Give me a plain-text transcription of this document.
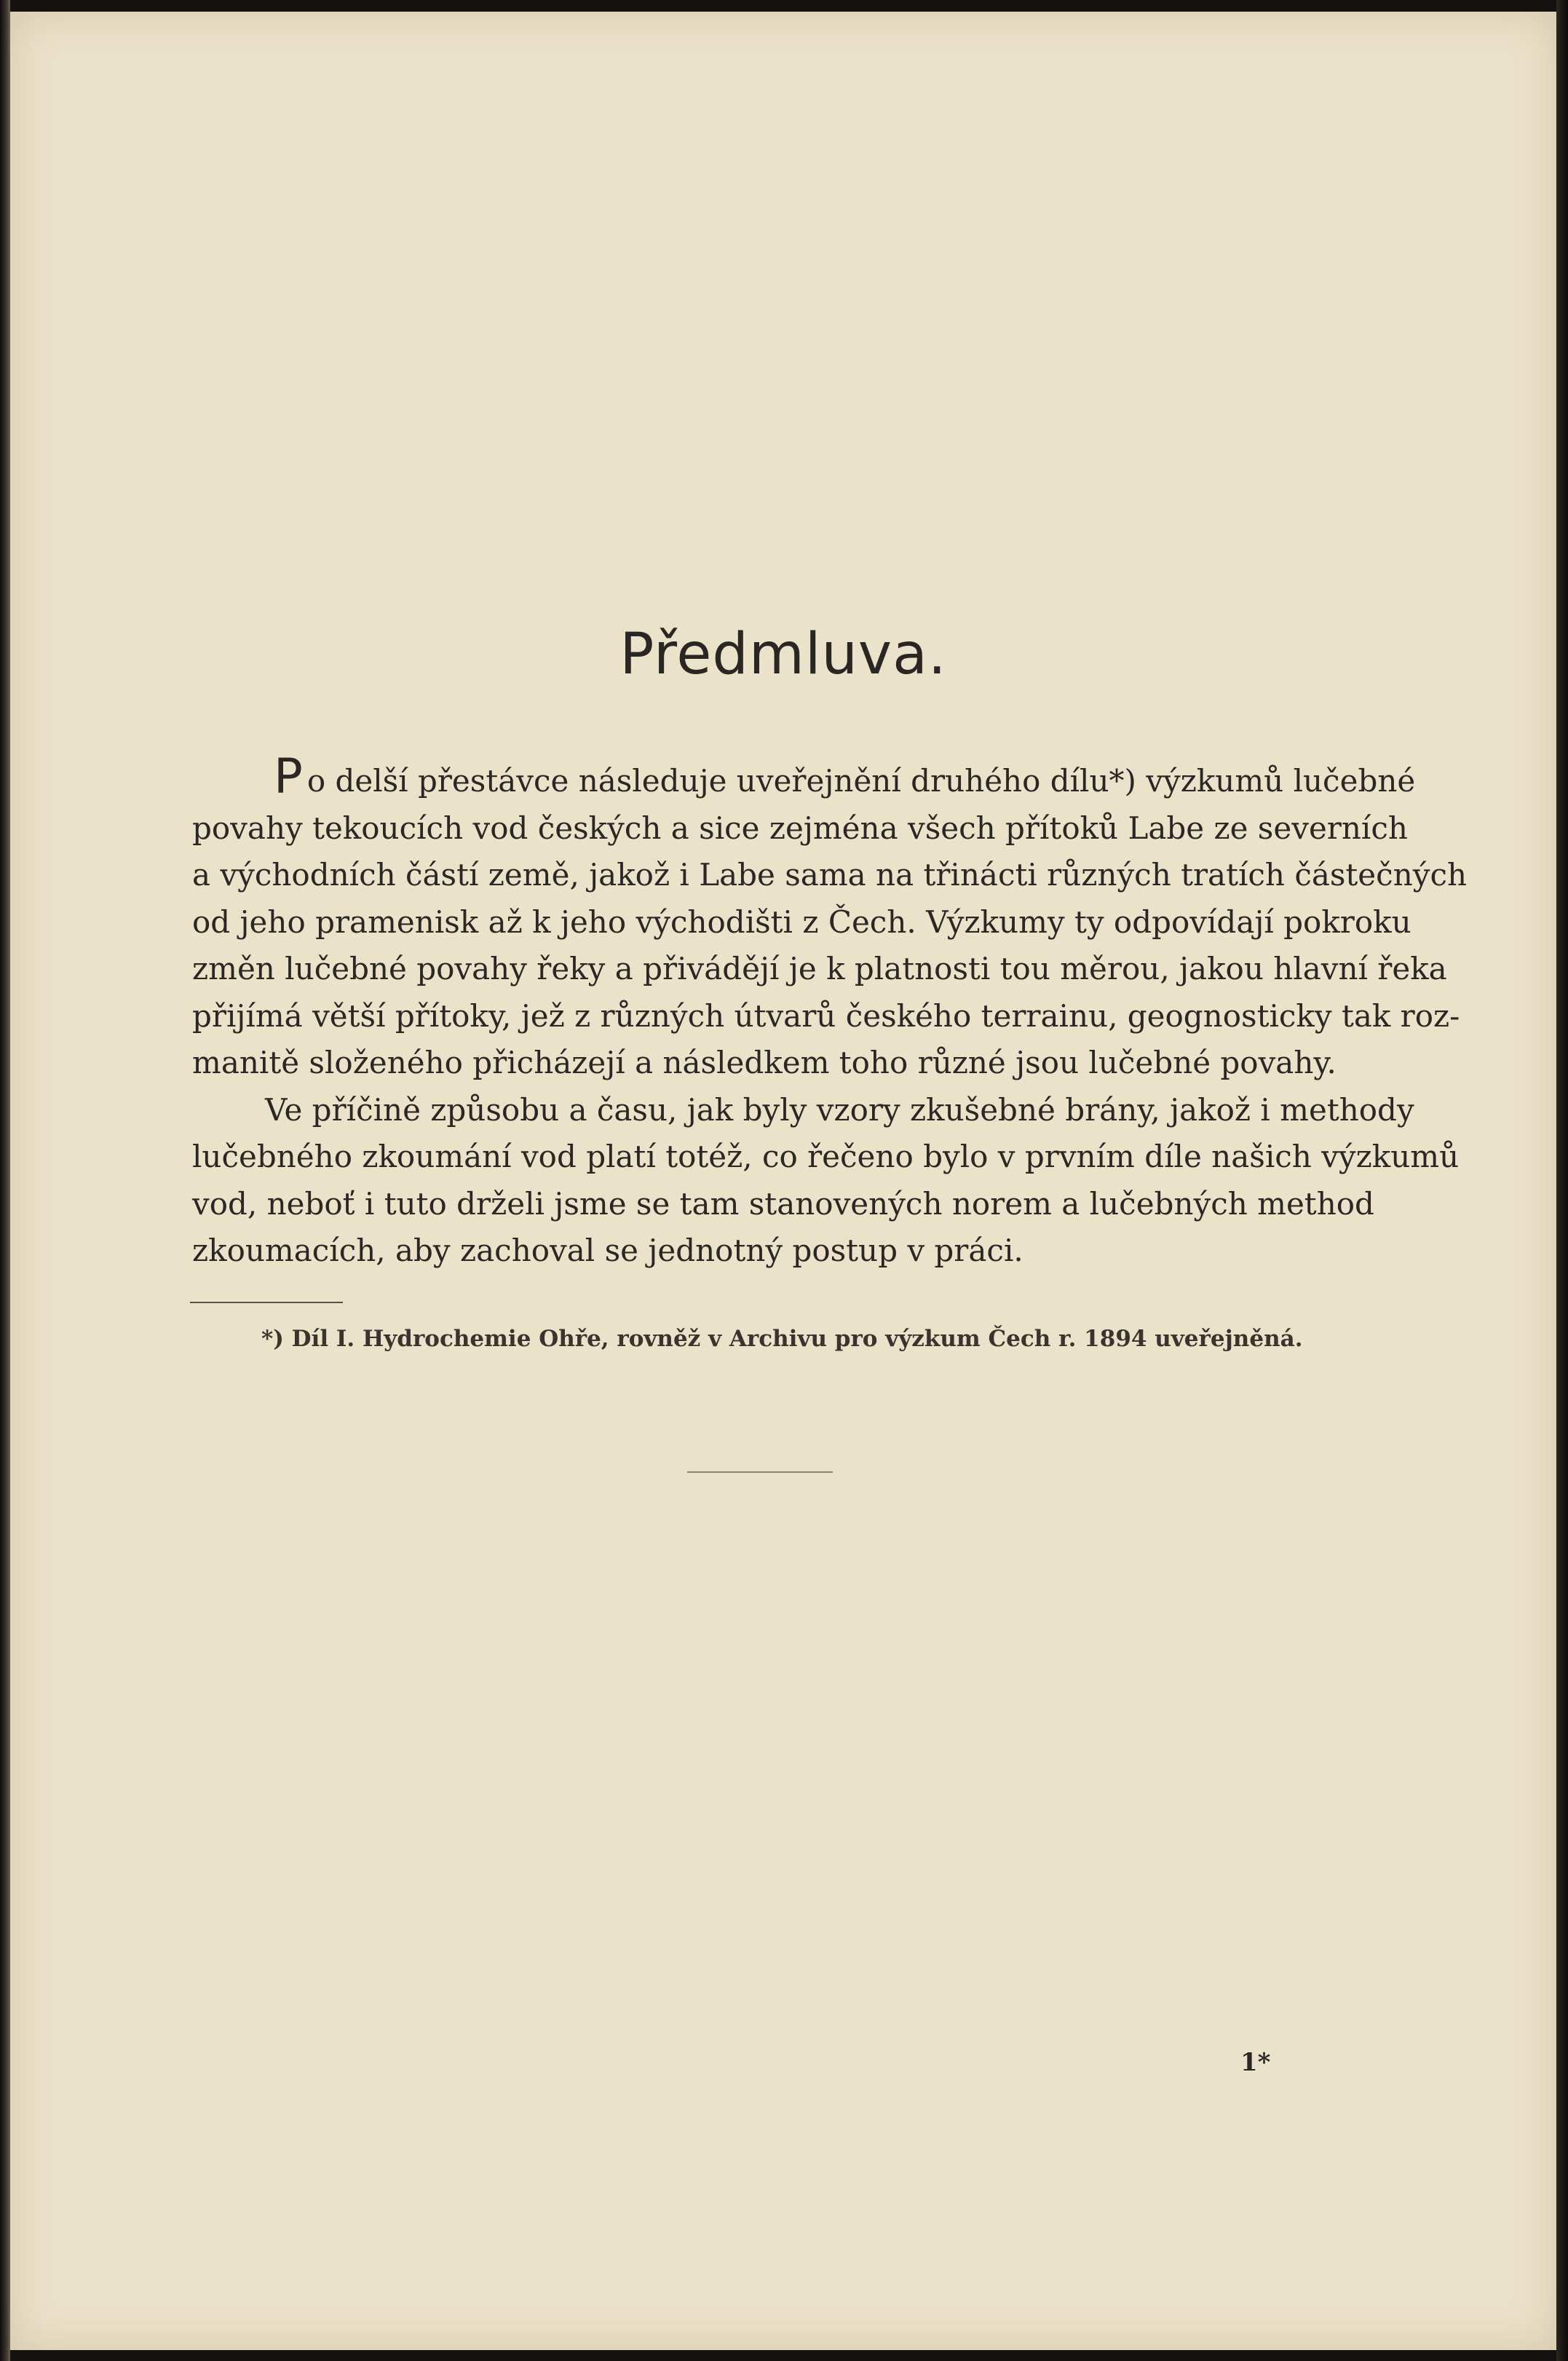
Předmluva.
Po delší přestávce následuje uveřejnění druhého dílu*) výzkumů lučebné
povahy tekoucích vod českých a sice zejména všech přítoků Labe ze severních
a východních částí země, jakož i Labe sama na třinácti různých tratích částečných
od jeho pramenisk až k jeho východišti z Čech. Výzkumy ty odpovídají pokroku
změn lučebné povahy řeky a přivádějí je k platnosti tou měrou, jakou hlavní řeka
přijímá větší přítoky, jež z různých útvarů českého terrainu, geognosticky tak roz-
manitě složeného přicházejí a následkem toho různé jsou lučebné povahy.
Ve příčině způsobu a času, jak byly vzory zkušebné brány, jakož i methody
lučebného zkoumání vod platí totéž, co řečeno bylo v prvním díle našich výzkumů
vod, neboť i tuto drželi jsme se tam stanovených norem a lučebných method
zkoumacích, aby zachoval se jednotný postup v práci.
*) Díl I. Hydrochemie Ohře, rovněž v Archivu pro výzkum Čech r. 1894 uveřejněná.
1*
